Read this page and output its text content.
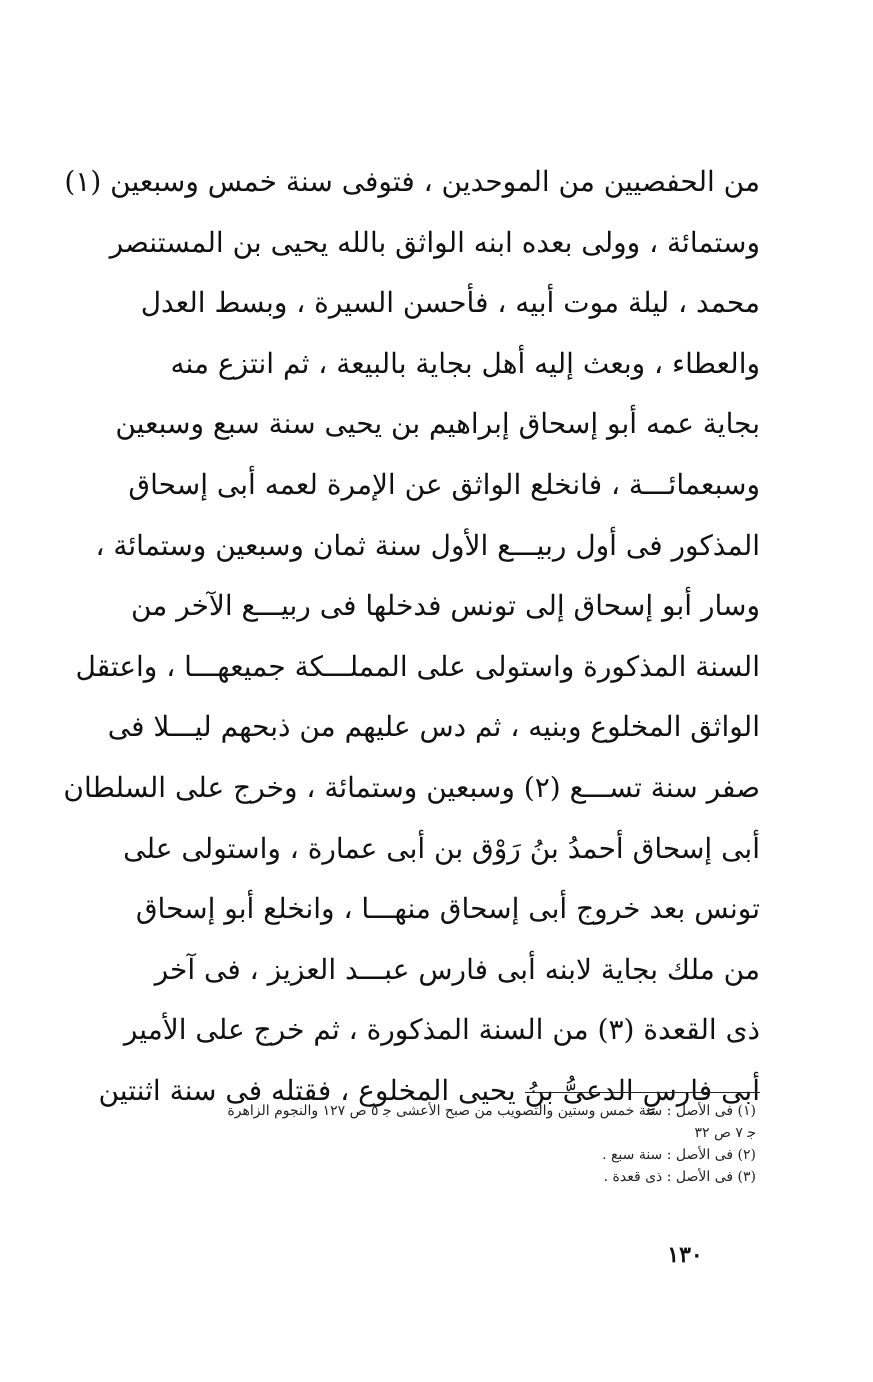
من الحفصيين من الموحدين ، فتوفى سنة خمس وسبعين (١)
وستمائة ، وولى بعده ابنه الواثق بالله يحيى بن المستنصر
محمد ، ليلة موت أبيه ، فأحسن السيرة ، وبسط العدل
والعطاء ، وبعث إليه أهل بجاية بالبيعة ، ثم انتزع منه
بجاية عمه أبو إسحاق إبراهيم بن يحيى سنة سبع وسبعين
وسبعمائـــة ، فانخلع الواثق عن الإمرة لعمه أبى إسحاق
المذكور فى أول ربيـــع الأول سنة ثمان وسبعين وستمائة ،
وسار أبو إسحاق إلى تونس فدخلها فى ربيـــع الآخر من
السنة المذكورة واستولى على المملـــكة جميعهـــا ، واعتقل
الواثق المخلوع وبنيه ، ثم دس عليهم من ذبحهم ليـــلا فى
صفر سنة تســـع (٢) وسبعين وستمائة ، وخرج على السلطان
أبى إسحاق أحمدُ بنُ رَوْق بن أبى عمارة ، واستولى على
تونس بعد خروج أبى إسحاق منهـــا ، وانخلع أبو إسحاق
من ملك بجاية لابنه أبى فارس عبـــد العزيز ، فى آخر
ذى القعدة (٣) من السنة المذكورة ، ثم خرج على الأمير
أبى فارسٍ الدعىُّ بنُ يحيى المخلوع ، فقتله فى سنة اثنتين
(١) فى الأصل : سنة خمس وستين والتصويب من صبح الأعشى ﺟ ٥ ص ١٢٧ والنجوم الزاهرة
ﺟ ٧ ص ٣٢
(٢) فى الأصل : سنة سبع .
(٣) فى الأصل : ذى قعدة .
١٣٠
